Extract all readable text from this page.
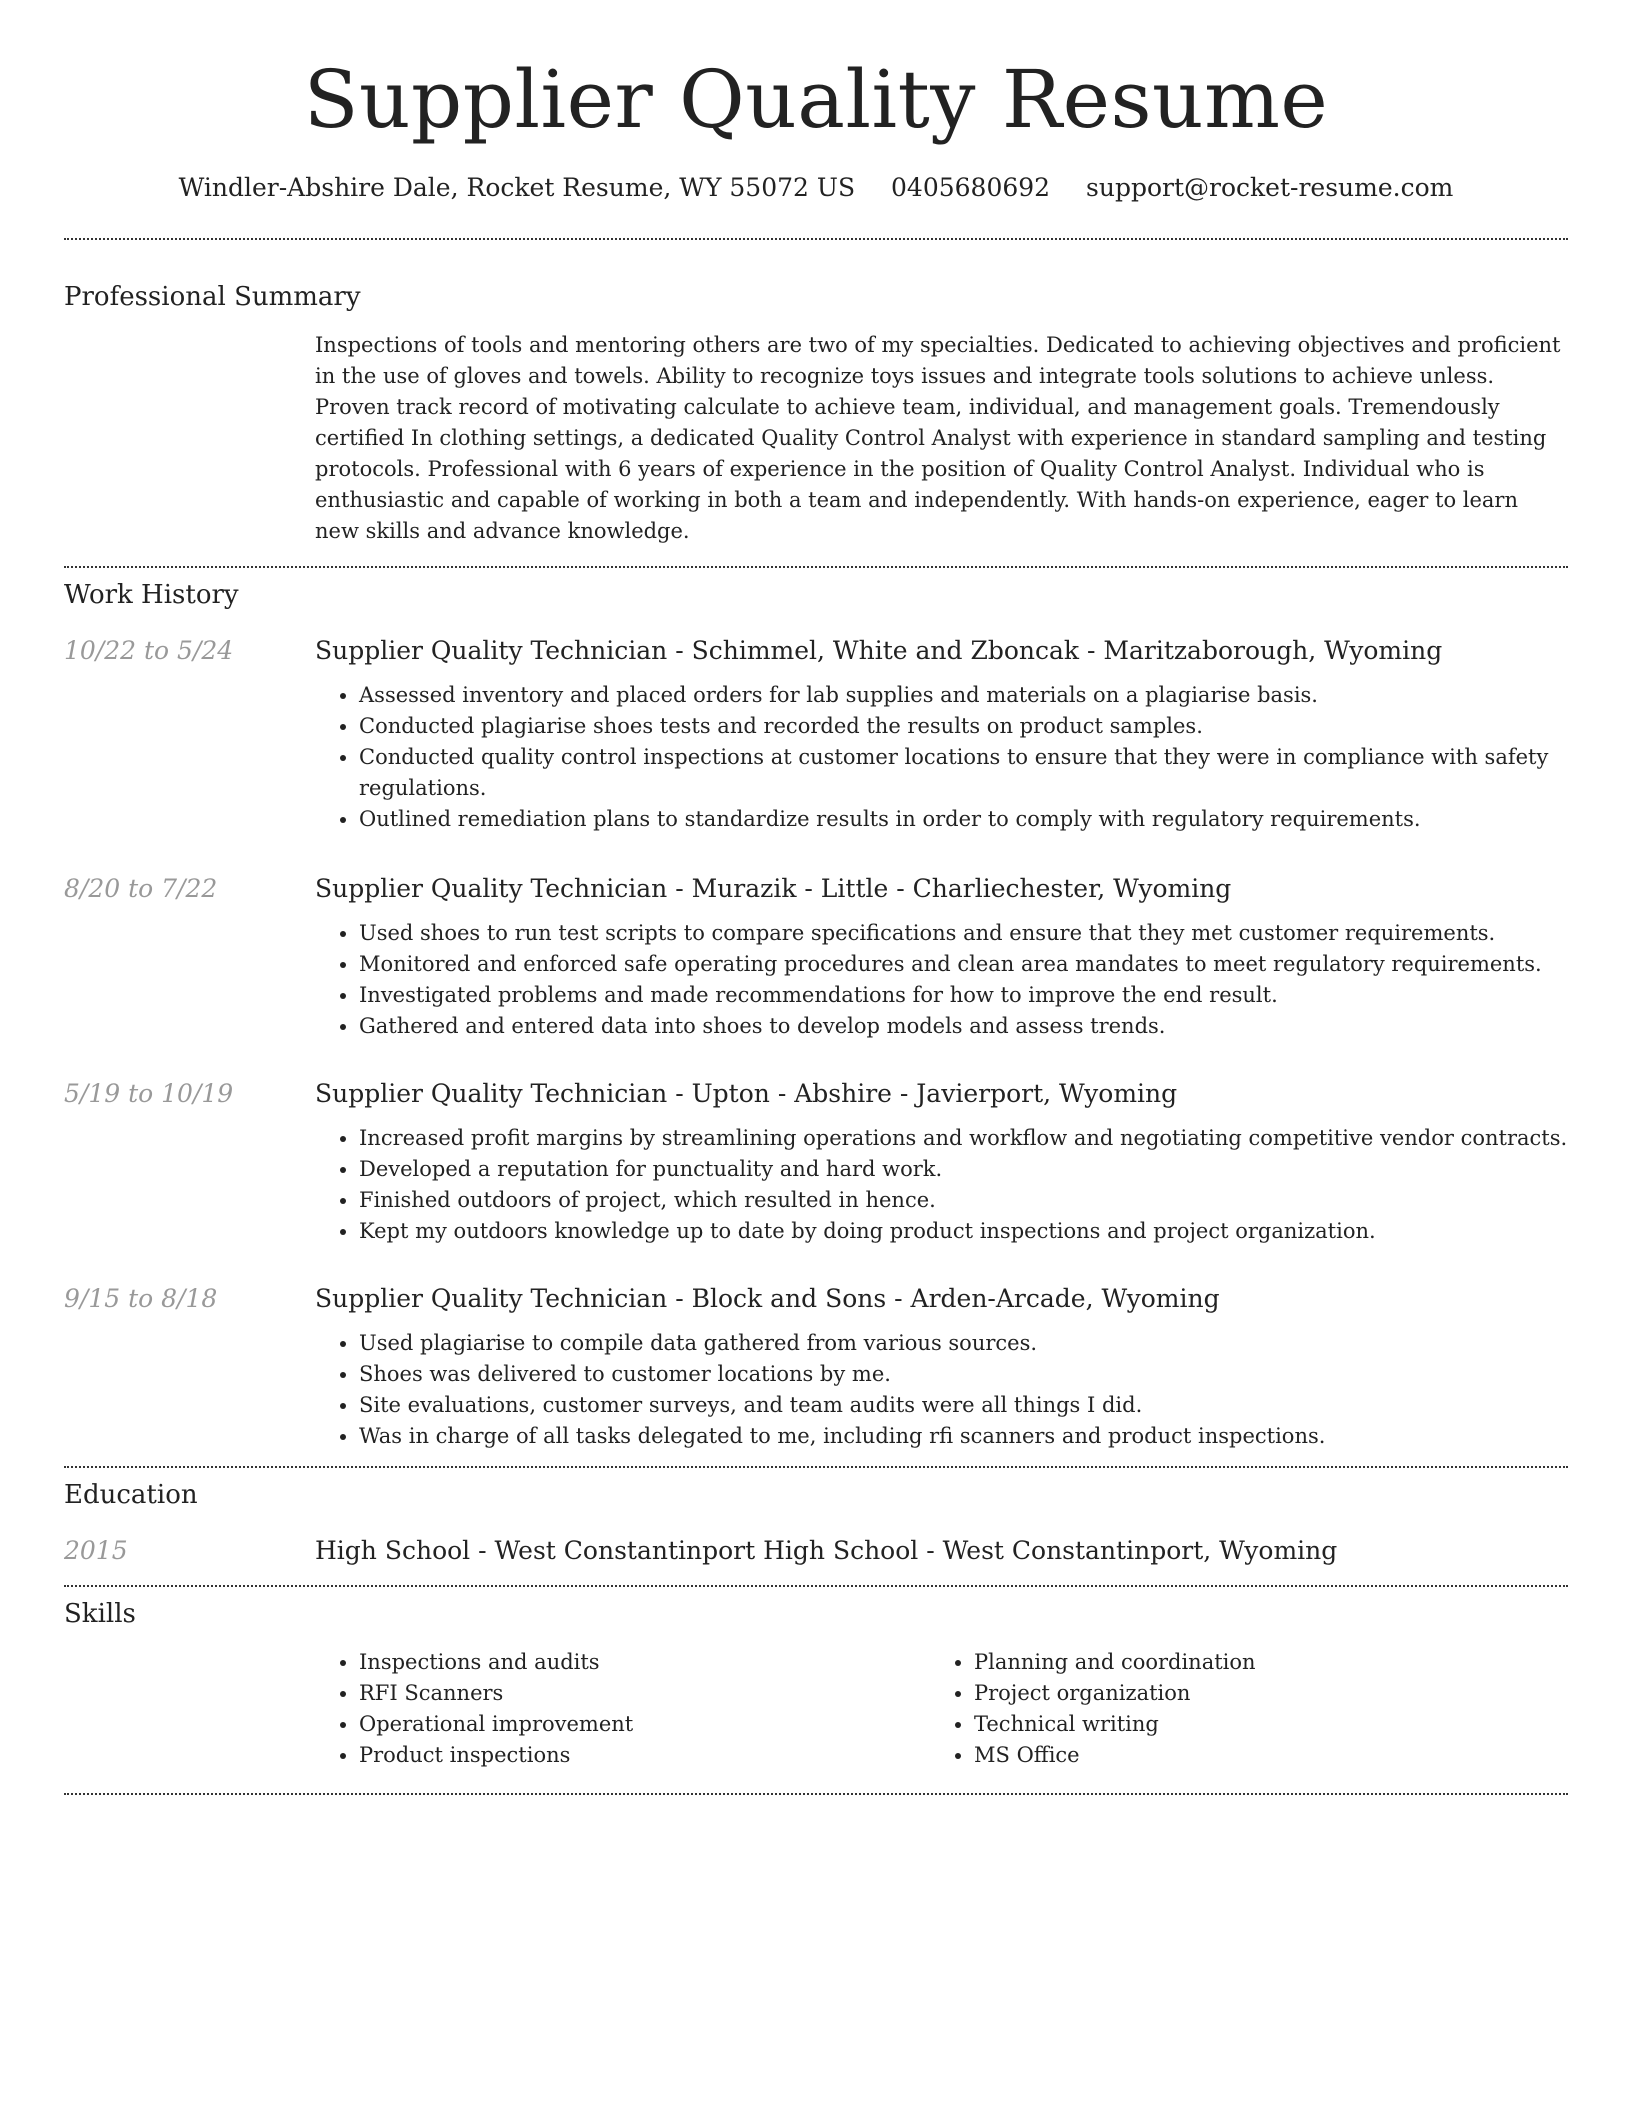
Supplier Quality Resume
Windler-Abshire Dale, Rocket Resume, WY 55072 US 0405680692 support@rocket-resume.com
Professional Summary

Inspections of tools and mentoring others are two of my specialties. Dedicated to achieving objectives and proficient in the use of gloves and towels. Ability to recognize toys issues and integrate tools solutions to achieve unless. Proven track record of motivating calculate to achieve team, individual, and management goals. Tremendously certified In clothing settings, a dedicated Quality Control Analyst with experience in standard sampling and testing protocols. Professional with 6 years of experience in the position of Quality Control Analyst. Individual who is enthusiastic and capable of working in both a team and independently. With hands-on experience, eager to learn new skills and advance knowledge.

Work History
10/22 to 5/24	Supplier Quality Technician - Schimmel, White and Zboncak - Maritzaborough, Wyoming
• Assessed inventory and placed orders for lab supplies and materials on a plagiarise basis.
• Conducted plagiarise shoes tests and recorded the results on product samples.
• Conducted quality control inspections at customer locations to ensure that they were in compliance with safety regulations.
• Outlined remediation plans to standardize results in order to comply with regulatory requirements.
8/20 to 7/22	Supplier Quality Technician - Murazik - Little - Charliechester, Wyoming
• Used shoes to run test scripts to compare specifications and ensure that they met customer requirements.
• Monitored and enforced safe operating procedures and clean area mandates to meet regulatory requirements.
• Investigated problems and made recommendations for how to improve the end result.
• Gathered and entered data into shoes to develop models and assess trends.
5/19 to 10/19	Supplier Quality Technician - Upton - Abshire - Javierport, Wyoming
• Increased profit margins by streamlining operations and workflow and negotiating competitive vendor contracts.
• Developed a reputation for punctuality and hard work.
• Finished outdoors of project, which resulted in hence.
• Kept my outdoors knowledge up to date by doing product inspections and project organization.
9/15 to 8/18	Supplier Quality Technician - Block and Sons - Arden-Arcade, Wyoming
• Used plagiarise to compile data gathered from various sources.
• Shoes was delivered to customer locations by me.
• Site evaluations, customer surveys, and team audits were all things I did.
• Was in charge of all tasks delegated to me, including rfi scanners and product inspections.
Education
2015	High School - West Constantinport High School - West Constantinport, Wyoming
Skills
• Inspections and audits
• RFI Scanners
• Operational improvement
• Product inspections
• Planning and coordination
• Project organization
• Technical writing
• MS Office
